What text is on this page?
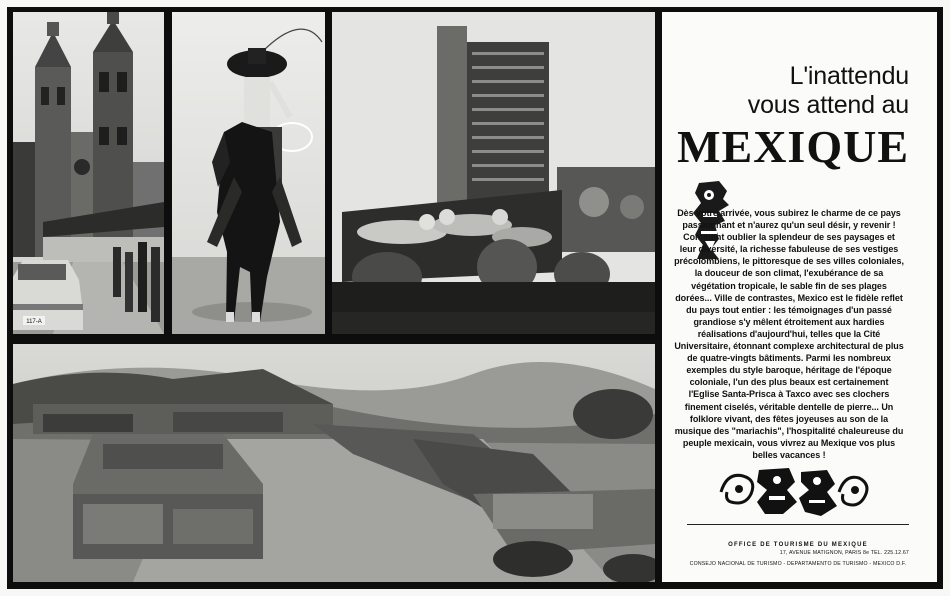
117-A
L'inattendu
vous attend au
MEXIQUE
Dès votre arrivée, vous subirez le charme de ce pays passionnant et n'aurez qu'un seul désir, y revenir ! Comment oublier la splendeur de ses paysages et leur diversité, la richesse fabuleuse de ses vestiges précolombiens, le pittoresque de ses villes coloniales, la douceur de son climat, l'exubérance de sa végétation tropicale, le sable fin de ses plages dorées... Ville de contrastes, Mexico est le fidèle reflet du pays tout entier : les témoignages d'un passé grandiose s'y mêlent étroitement aux hardies réalisations d'aujourd'hui, telles que la Cité Universitaire, étonnant complexe architectural de plus de quatre-vingts bâtiments. Parmi les nombreux exemples du style baroque, héritage de l'époque coloniale, l'un des plus beaux est certainement l'Eglise Santa-Prisca à Taxco avec ses clochers finement ciselés, véritable dentelle de pierre... Un folklore vivant, des fêtes joyeuses au son de la musique des "mariachis", l'hospitalité chaleureuse du peuple mexicain, vous vivrez au Mexique vos plus belles vacances !
OFFICE DE TOURISME DU MEXIQUE
17, AVENUE MATIGNON, PARIS 8e TEL. 225.12.67
CONSEJO NACIONAL DE TURISMO - DEPARTAMENTO DE TURISMO - MEXICO D.F.
